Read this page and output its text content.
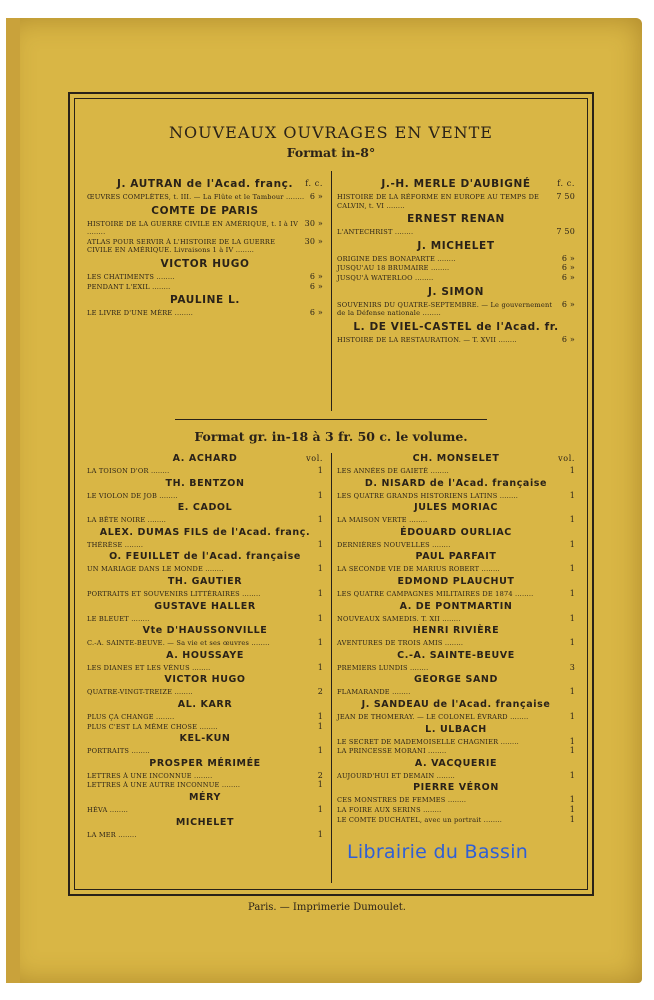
NOUVEAUX OUVRAGES EN VENTE
Format in-8°
J. AUTRAN de l'Acad. franç. f. c.
ŒUVRES COMPLÈTES, t. III. — La Flûte et le Tambour ........ 6 »
COMTE DE PARIS
HISTOIRE DE LA GUERRE CIVILE EN AMÉRIQUE, t. I à IV ........
30 »
ATLAS POUR SERVIR À L'HISTOIRE DE LA GUERRE CIVILE EN AMÉRIQUE. Livraisons 1 à IV ........
30 »
VICTOR HUGO
LES CHATIMENTS ........	6 »
PENDANT L'EXIL ........	6 »
PAULINE L.
LE LIVRE D'UNE MÈRE ........	6 »
J.-H. MERLE D'AUBIGNÉ	f. c.
HISTOIRE DE LA RÉFORME EN EUROPE AU TEMPS DE CALVIN, t. VI ........
7 50
ERNEST RENAN
L'ANTECHRIST ........	7 50
J. MICHELET
ORIGINE DES BONAPARTE ........	6 »
JUSQU'AU 18 BRUMAIRE ........	6 »
JUSQU'À WATERLOO ........	6 »
J. SIMON
SOUVENIRS DU QUATRE-SEPTEMBRE. — Le gouvernement de la Défense nationale ........
6 »
L. DE VIEL-CASTEL de l'Acad. fr.
HISTOIRE DE LA RESTAURATION. — T. XVII ........	6 »
Format gr. in-18 à 3 fr. 50 c. le volume.
A. ACHARD	vol.
LA TOISON D'OR ........	1
TH. BENTZON
LE VIOLON DE JOB ........	1
E. CADOL
LA BÊTE NOIRE ........	1
ALEX. DUMAS FILS de l'Acad. franç.
THÉRÈSE ........	1
O. FEUILLET de l'Acad. française
UN MARIAGE DANS LE MONDE ........	1
TH. GAUTIER
PORTRAITS ET SOUVENIRS LITTÉRAIRES ........	1
GUSTAVE HALLER
LE BLEUET ........	1
Vte D'HAUSSONVILLE
C.-A. SAINTE-BEUVE. — Sa vie et ses œuvres ........	1
A. HOUSSAYE
LES DIANES ET LES VÉNUS ........	1
VICTOR HUGO
QUATRE-VINGT-TREIZE ........	2
AL. KARR
PLUS ÇA CHANGE ........	1
PLUS C'EST LA MÊME CHOSE ........	1
KEL-KUN
PORTRAITS ........	1
PROSPER MÉRIMÉE
LETTRES À UNE INCONNUE ........	2
LETTRES À UNE AUTRE INCONNUE ........	1
MÉRY
HÉVA ........	1
MICHELET
LA MER ........	1
CH. MONSELET	vol.
LES ANNÉES DE GAIETÉ ........	1
D. NISARD de l'Acad. française
LES QUATRE GRANDS HISTORIENS LATINS ........	1
JULES MORIAC
LA MAISON VERTE ........	1
ÉDOUARD OURLIAC
DERNIÈRES NOUVELLES ........	1
PAUL PARFAIT
LA SECONDE VIE DE MARIUS ROBERT ........	1
EDMOND PLAUCHUT
LES QUATRE CAMPAGNES MILITAIRES DE 1874 ........	1
A. DE PONTMARTIN
NOUVEAUX SAMEDIS. T. XII ........	1
HENRI RIVIÈRE
AVENTURES DE TROIS AMIS ........	1
C.-A. SAINTE-BEUVE
PREMIERS LUNDIS ........	3
GEORGE SAND
FLAMARANDE ........	1
J. SANDEAU de l'Acad. française
JEAN DE THOMERAY. — LE COLONEL ÉVRARD ........	1
L. ULBACH
LE SECRET DE MADEMOISELLE CHAGNIER ........	1
LA PRINCESSE MORANI ........	1
A. VACQUERIE
AUJOURD'HUI ET DEMAIN ........	1
PIERRE VÉRON
CES MONSTRES DE FEMMES ........	1
LA FOIRE AUX SERINS ........	1
LE COMTE DUCHATEL, avec un portrait ........	1
Paris. — Imprimerie Dumoulet.
Librairie du Bassin
